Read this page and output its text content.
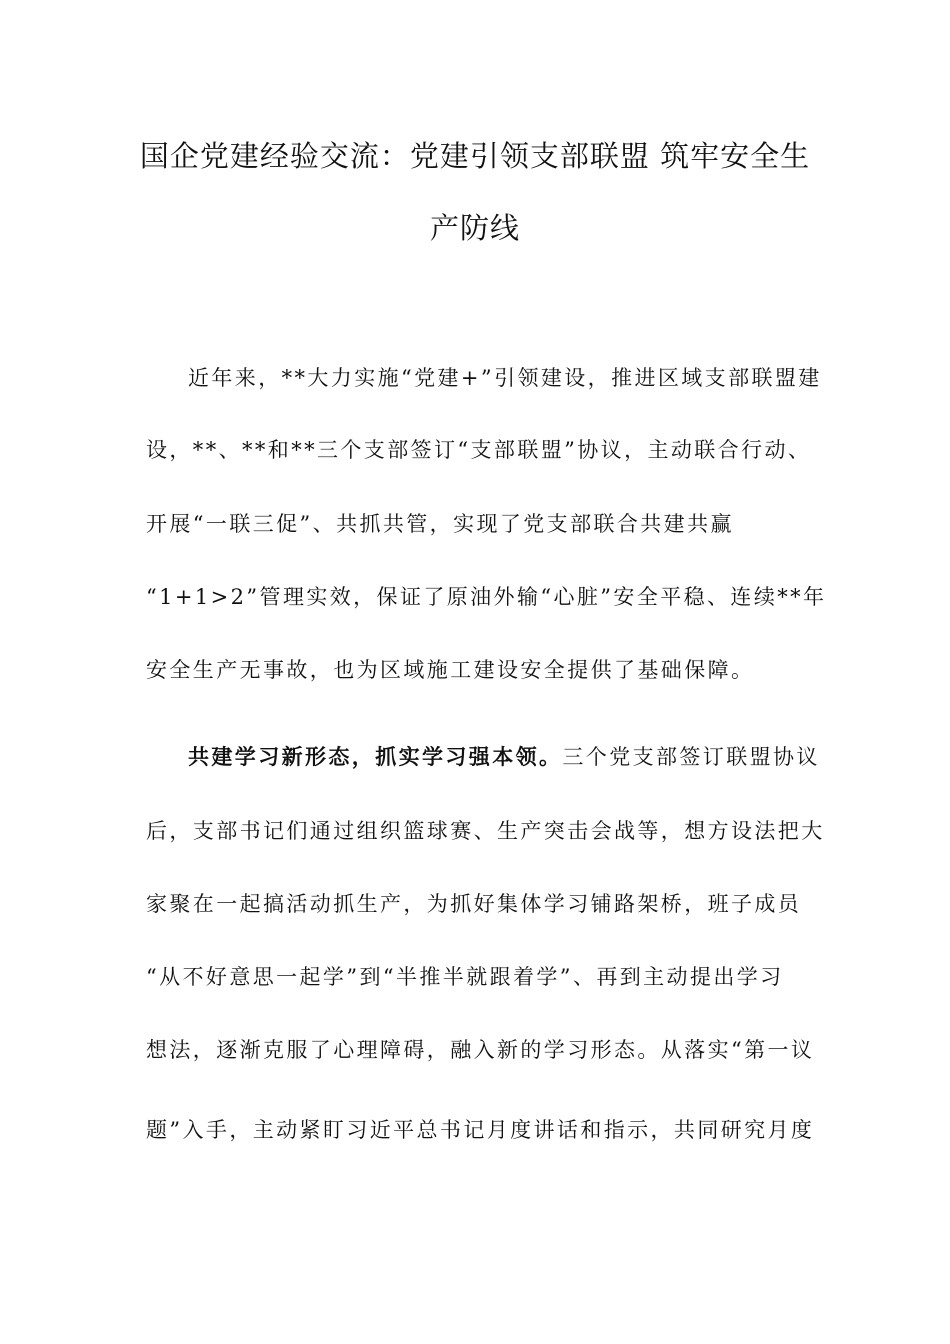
国企党建经验交流：党建引领支部联盟 筑牢安全生
产防线
近年来，**大力实施“党建+”引领建设，推进区域支部联盟建
设，**、**和**三个支部签订“支部联盟”协议，主动联合行动、
开展“一联三促”、共抓共管，实现了党支部联合共建共赢
“1+1>2”管理实效，保证了原油外输“心脏”安全平稳、连续**年
安全生产无事故，也为区域施工建设安全提供了基础保障。
共建学习新形态，抓实学习强本领。三个党支部签订联盟协议
后，支部书记们通过组织篮球赛、生产突击会战等，想方设法把大
家聚在一起搞活动抓生产，为抓好集体学习铺路架桥，班子成员
“从不好意思一起学”到“半推半就跟着学”、再到主动提出学习
想法，逐渐克服了心理障碍，融入新的学习形态。从落实“第一议
题”入手，主动紧盯习近平总书记月度讲话和指示，共同研究月度
